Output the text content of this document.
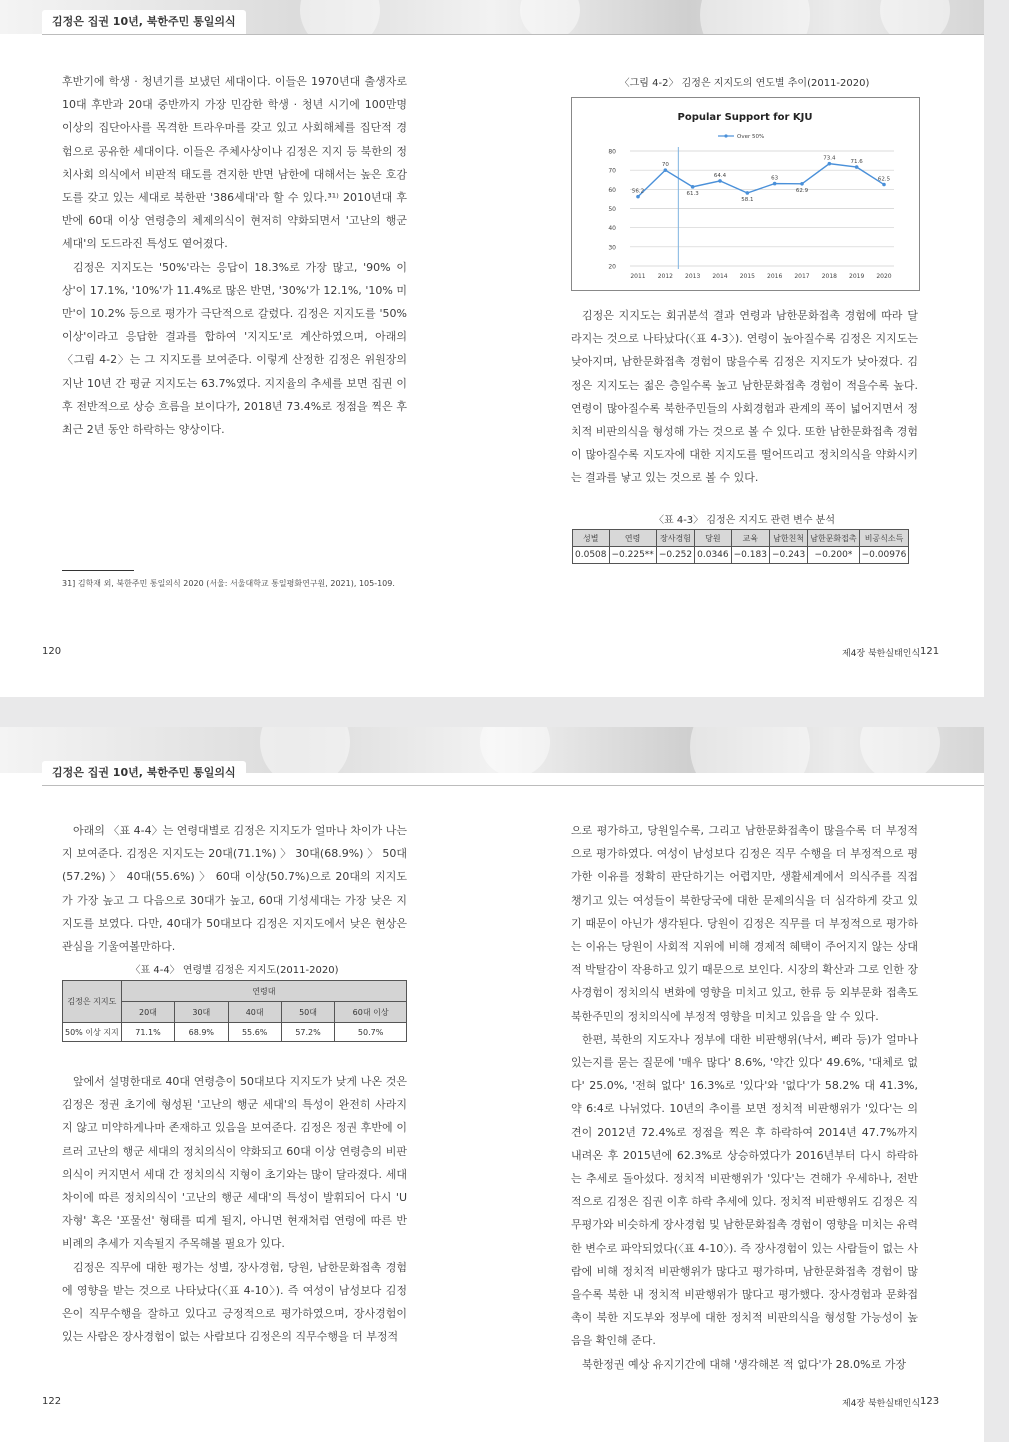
김정은 집권 10년, 북한주민 통일의식

후반기에 학생 · 청년기를 보냈던 세대이다. 이들은 1970년대 출생자로 10대 후반과 20대 중반까지 가장 민감한 학생 · 청년 시기에 100만명 이상의 집단아사를 목격한 트라우마를 갖고 있고 사회해체를 집단적 경험으로 공유한 세대이다. 이들은 주체사상이나 김정은 지지 등 북한의 정치사회 의식에서 비판적 태도를 견지한 반면 남한에 대해서는 높은 호감도를 갖고 있는 세대로 북한판 '386세대'라 할 수 있다.³¹⁾ 2010년대 후반에 60대 이상 연령층의 체제의식이 현저히 약화되면서 '고난의 행군 세대'의 도드라진 특성도 옅어졌다.

김정은 지지도는 '50%'라는 응답이 18.3%로 가장 많고, '90% 이상'이 17.1%, '10%'가 11.4%로 많은 반면, '30%'가 12.1%, '10% 미만'이 10.2% 등으로 평가가 극단적으로 갈렸다. 김정은 지지도를 '50% 이상'이라고 응답한 결과를 합하여 '지지도'로 계산하였으며, 아래의 〈그림 4-2〉는 그 지지도를 보여준다. 이렇게 산정한 김정은 위원장의 지난 10년 간 평균 지지도는 63.7%였다. 지지율의 추세를 보면 집권 이후 전반적으로 상승 흐름을 보이다가, 2018년 73.4%로 정점을 찍은 후 최근 2년 동안 하락하는 양상이다.

31] 김학재 외, 북한주민 통일의식 2020 (서울: 서울대학교 통일평화연구원, 2021), 105-109.
〈그림 4-2〉 김정은 지지도의 연도별 추이(2011-2020)
20
30
40
50
60
70
80
2011 2012 2013 2014 2015 2016 2017 2018 2019 2020
Popular Support for KJU
Over 50%
56.2
70
61.3
64.4
58.1
63
62.9
73.4
71.6
62.5

김정은 지지도는 회귀분석 결과 연령과 남한문화접촉 경험에 따라 달라지는 것으로 나타났다(〈표 4-3〉). 연령이 높아질수록 김정은 지지도는 낮아지며, 남한문화접촉 경험이 많을수록 김정은 지지도가 낮아졌다. 김정은 지지도는 젊은 층일수록 높고 남한문화접촉 경험이 적을수록 높다. 연령이 많아질수록 북한주민들의 사회경험과 관계의 폭이 넓어지면서 정치적 비판의식을 형성해 가는 것으로 볼 수 있다. 또한 남한문화접촉 경험이 많아질수록 지도자에 대한 지지도를 떨어뜨리고 정치의식을 약화시키는 결과를 낳고 있는 것으로 볼 수 있다.

〈표 4-3〉 김정은 지지도 관련 변수 분석
성별	연령	장사경험	당원	교육	남한친척	남한문화접촉	비공식소득
0.0508	−0.225**	−0.252	0.0346	−0.183	−0.243	−0.200*	−0.00976
120	제4장 북한실태인식 121
김정은 집권 10년, 북한주민 통일의식

아래의 〈표 4-4〉는 연령대별로 김정은 지지도가 얼마나 차이가 나는지 보여준다. 김정은 지지도는 20대(71.1%) 〉 30대(68.9%) 〉 50대(57.2%) 〉 40대(55.6%) 〉 60대 이상(50.7%)으로 20대의 지지도가 가장 높고 그 다음으로 30대가 높고, 60대 기성세대는 가장 낮은 지지도를 보였다. 다만, 40대가 50대보다 김정은 지지도에서 낮은 현상은 관심을 기울여볼만하다.

〈표 4-4〉 연령별 김정은 지지도(2011-2020)
김정은 지지도	연령대				
	20대	30대	40대	50대	60대 이상
50% 이상 지지	71.1%	68.9%	55.6%	57.2%	50.7%

앞에서 설명한대로 40대 연령층이 50대보다 지지도가 낮게 나온 것은 김정은 정권 초기에 형성된 '고난의 행군 세대'의 특성이 완전히 사라지지 않고 미약하게나마 존재하고 있음을 보여준다. 김정은 정권 후반에 이르러 고난의 행군 세대의 정치의식이 약화되고 60대 이상 연령층의 비판의식이 커지면서 세대 간 정치의식 지형이 초기와는 많이 달라졌다. 세대 차이에 따른 정치의식이 '고난의 행군 세대'의 특성이 발휘되어 다시 'U자형' 혹은 '포물선' 형태를 띠게 될지, 아니면 현재처럼 연령에 따른 반비례의 추세가 지속될지 주목해볼 필요가 있다.

김정은 직무에 대한 평가는 성별, 장사경험, 당원, 남한문화접촉 경험에 영향을 받는 것으로 나타났다(〈표 4-10〉). 즉 여성이 남성보다 김정은이 직무수행을 잘하고 있다고 긍정적으로 평가하였으며, 장사경험이 있는 사람은 장사경험이 없는 사람보다 김정은의 직무수행을 더 부정적

으로 평가하고, 당원일수록, 그리고 남한문화접촉이 많을수록 더 부정적으로 평가하였다. 여성이 남성보다 김정은 직무 수행을 더 부정적으로 평가한 이유를 정확히 판단하기는 어렵지만, 생활세계에서 의식주를 직접 챙기고 있는 여성들이 북한당국에 대한 문제의식을 더 심각하게 갖고 있기 때문이 아닌가 생각된다. 당원이 김정은 직무를 더 부정적으로 평가하는 이유는 당원이 사회적 지위에 비해 경제적 혜택이 주어지지 않는 상대적 박탈감이 작용하고 있기 때문으로 보인다. 시장의 확산과 그로 인한 장사경험이 정치의식 변화에 영향을 미치고 있고, 한류 등 외부문화 접촉도 북한주민의 정치의식에 부정적 영향을 미치고 있음을 알 수 있다.

한편, 북한의 지도자나 정부에 대한 비판행위(낙서, 삐라 등)가 얼마나 있는지를 묻는 질문에 '매우 많다' 8.6%, '약간 있다' 49.6%, '대체로 없다' 25.0%, '전혀 없다' 16.3%로 '있다'와 '없다'가 58.2% 대 41.3%, 약 6:4로 나뉘었다. 10년의 추이를 보면 정치적 비판행위가 '있다'는 의견이 2012년 72.4%로 정점을 찍은 후 하락하여 2014년 47.7%까지 내려온 후 2015년에 62.3%로 상승하였다가 2016년부터 다시 하락하는 추세로 돌아섰다. 정치적 비판행위가 '있다'는 견해가 우세하나, 전반적으로 김정은 집권 이후 하락 추세에 있다. 정치적 비판행위도 김정은 직무평가와 비슷하게 장사경험 및 남한문화접촉 경험이 영향을 미치는 유력한 변수로 파악되었다(〈표 4-10〉). 즉 장사경험이 있는 사람들이 없는 사람에 비해 정치적 비판행위가 많다고 평가하며, 남한문화접촉 경험이 많을수록 북한 내 정치적 비판행위가 많다고 평가했다. 장사경험과 문화접촉이 북한 지도부와 정부에 대한 정치적 비판의식을 형성할 가능성이 높음을 확인해 준다.

북한정권 예상 유지기간에 대해 '생각해본 적 없다'가 28.0%로 가장

122	제4장 북한실태인식 123
